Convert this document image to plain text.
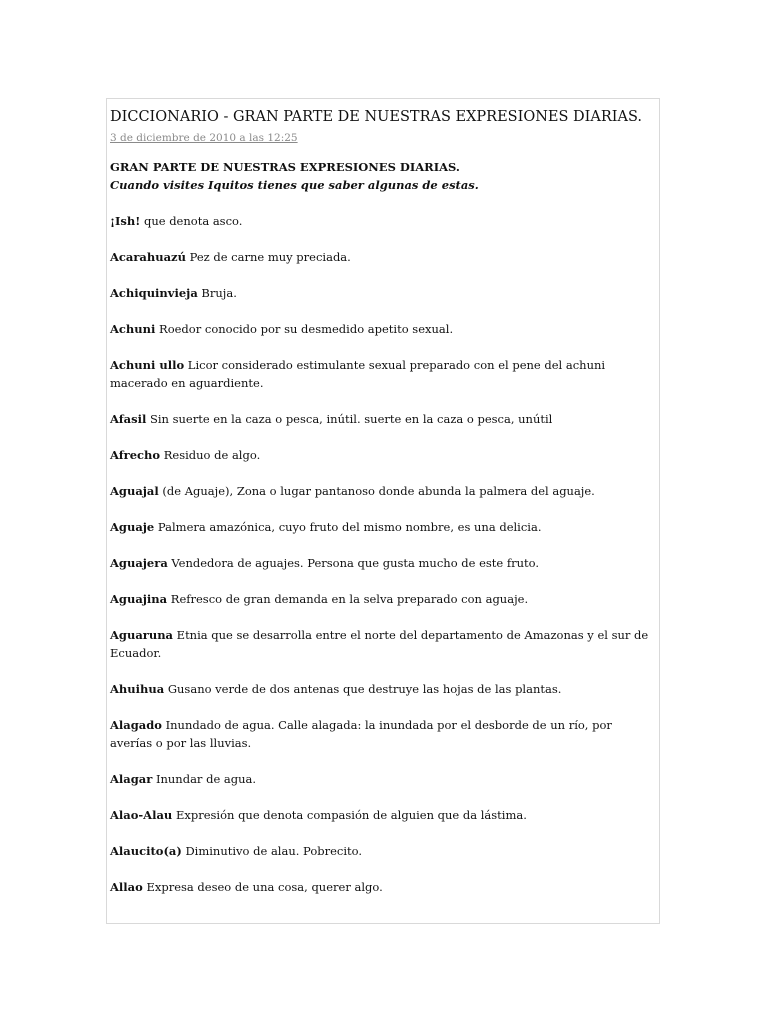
DICCIONARIO - GRAN PARTE DE NUESTRAS EXPRESIONES DIARIAS.
3 de diciembre de 2010 a las 12:25
GRAN PARTE DE NUESTRAS EXPRESIONES DIARIAS.
Cuando visites Iquitos tienes que saber algunas de estas.

¡Ish! que denota asco.

Acarahuazú Pez de carne muy preciada.

Achiquinvieja Bruja.

Achuni Roedor conocido por su desmedido apetito sexual.

Achuni ullo Licor considerado estimulante sexual preparado con el pene del achuni macerado en aguardiente.

Afasil Sin suerte en la caza o pesca, inútil. suerte en la caza o pesca, unútil

Afrecho Residuo de algo.

Aguajal (de Aguaje), Zona o lugar pantanoso donde abunda la palmera del aguaje.

Aguaje Palmera amazónica, cuyo fruto del mismo nombre, es una delicia.

Aguajera Vendedora de aguajes. Persona que gusta mucho de este fruto.

Aguajina Refresco de gran demanda en la selva preparado con aguaje.

Aguaruna Etnia que se desarrolla entre el norte del departamento de Amazonas y el sur de Ecuador.

Ahuihua Gusano verde de dos antenas que destruye las hojas de las plantas.

Alagado Inundado de agua. Calle alagada: la inundada por el desborde de un río, por averías o por las lluvias.

Alagar Inundar de agua.

Alao-Alau Expresión que denota compasión de alguien que da lástima.

Alaucito(a) Diminutivo de alau. Pobrecito.

Allao Expresa deseo de una cosa, querer algo.
